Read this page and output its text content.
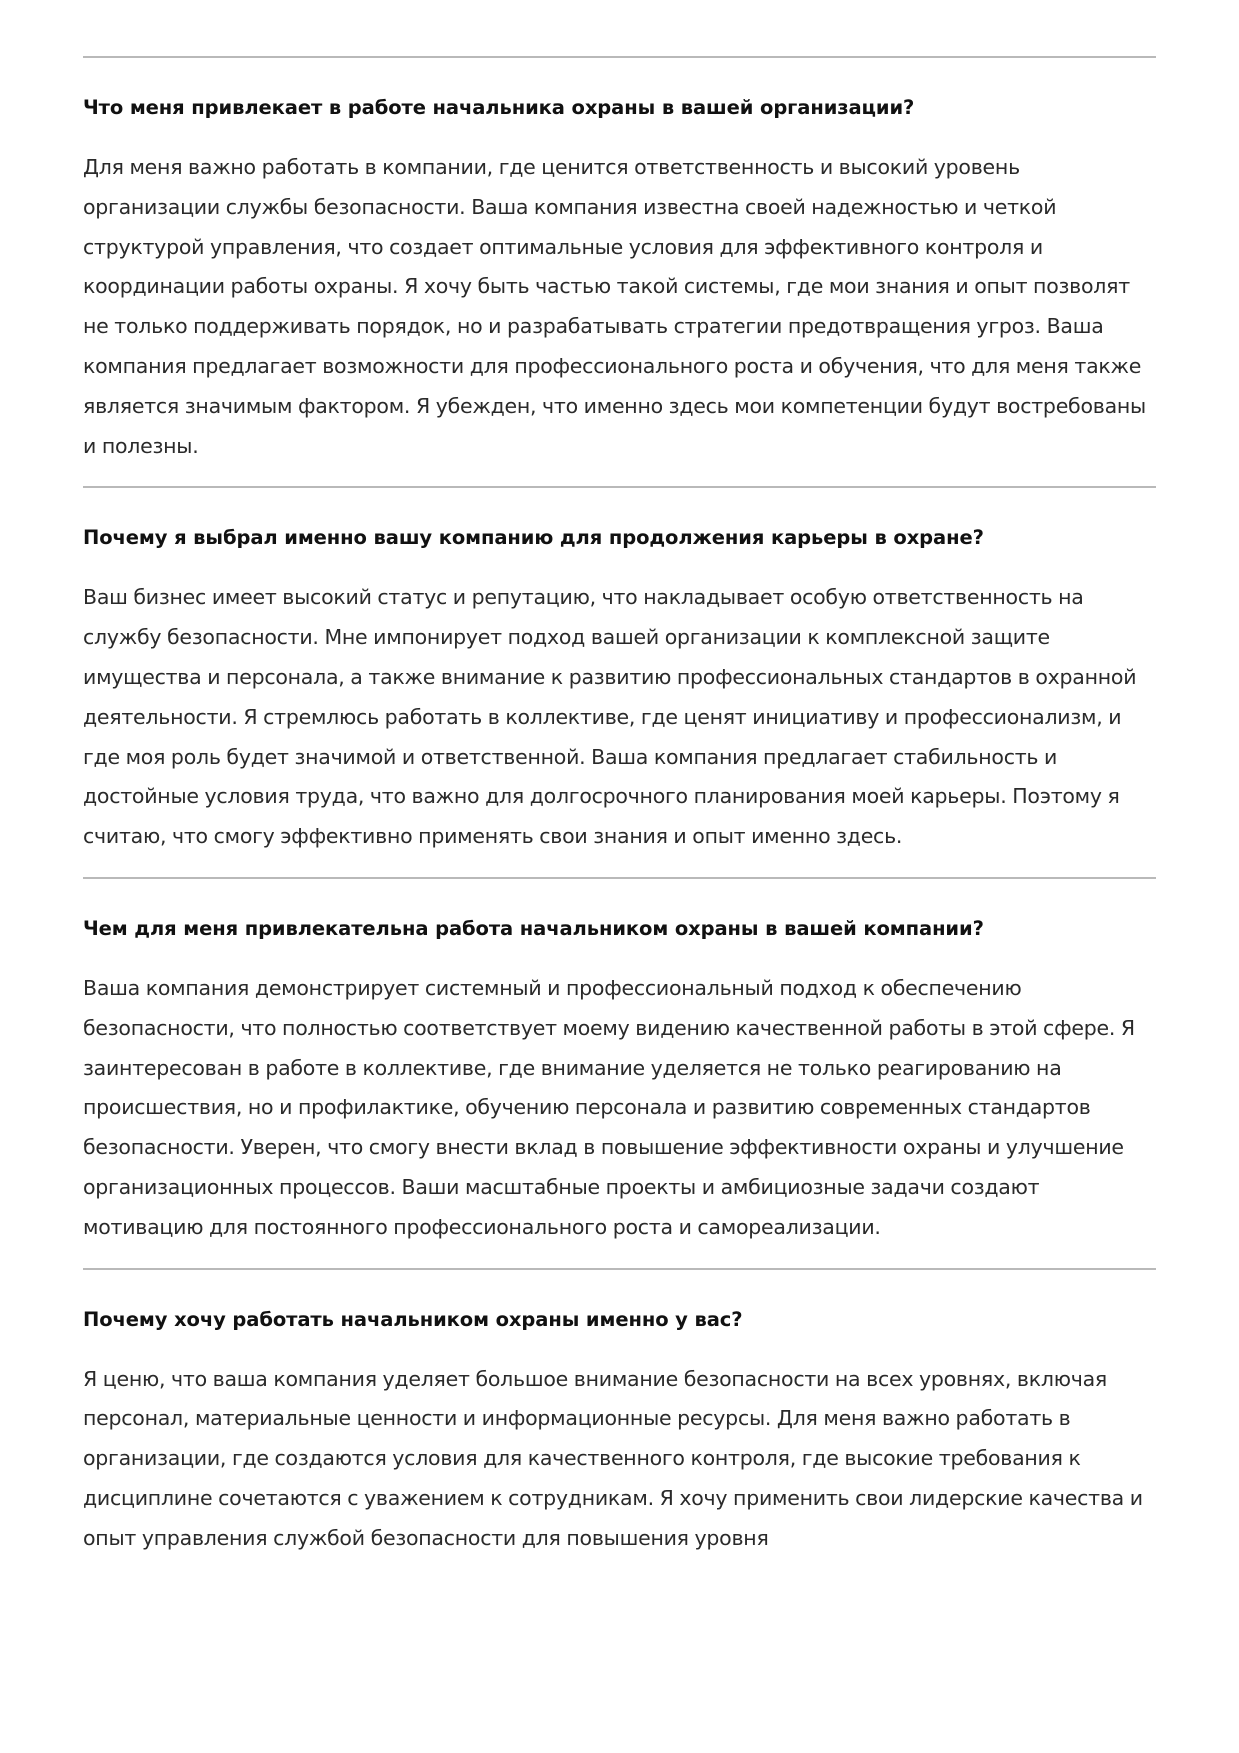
Что меня привлекает в работе начальника охраны в вашей организации?

Для меня важно работать в компании, где ценится ответственность и высокий уровень организации службы безопасности. Ваша компания известна своей надежностью и четкой структурой управления, что создает оптимальные условия для эффективного контроля и координации работы охраны. Я хочу быть частью такой системы, где мои знания и опыт позволят не только поддерживать порядок, но и разрабатывать стратегии предотвращения угроз. Ваша компания предлагает возможности для профессионального роста и обучения, что для меня также является значимым фактором. Я убежден, что именно здесь мои компетенции будут востребованы и полезны.

Почему я выбрал именно вашу компанию для продолжения карьеры в охране?

Ваш бизнес имеет высокий статус и репутацию, что накладывает особую ответственность на службу безопасности. Мне импонирует подход вашей организации к комплексной защите имущества и персонала, а также внимание к развитию профессиональных стандартов в охранной деятельности. Я стремлюсь работать в коллективе, где ценят инициативу и профессионализм, и где моя роль будет значимой и ответственной. Ваша компания предлагает стабильность и достойные условия труда, что важно для долгосрочного планирования моей карьеры. Поэтому я считаю, что смогу эффективно применять свои знания и опыт именно здесь.

Чем для меня привлекательна работа начальником охраны в вашей компании?

Ваша компания демонстрирует системный и профессиональный подход к обеспечению безопасности, что полностью соответствует моему видению качественной работы в этой сфере. Я заинтересован в работе в коллективе, где внимание уделяется не только реагированию на происшествия, но и профилактике, обучению персонала и развитию современных стандартов безопасности. Уверен, что смогу внести вклад в повышение эффективности охраны и улучшение организационных процессов. Ваши масштабные проекты и амбициозные задачи создают мотивацию для постоянного профессионального роста и самореализации.

Почему хочу работать начальником охраны именно у вас?

Я ценю, что ваша компания уделяет большое внимание безопасности на всех уровнях, включая персонал, материальные ценности и информационные ресурсы. Для меня важно работать в организации, где создаются условия для качественного контроля, где высокие требования к дисциплине сочетаются с уважением к сотрудникам. Я хочу применить свои лидерские качества и опыт управления службой безопасности для повышения уровня
